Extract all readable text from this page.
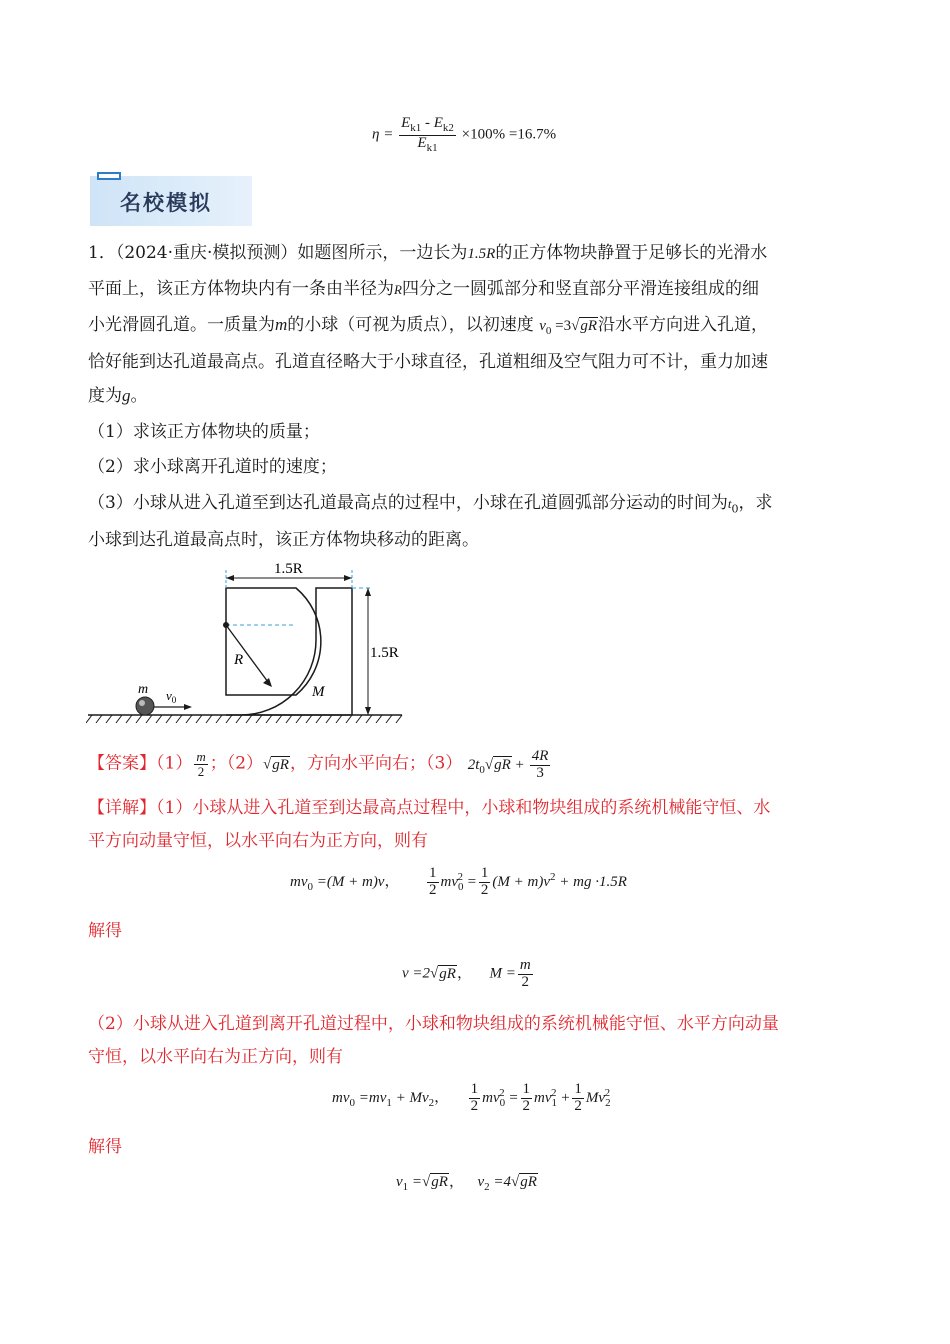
$\eta = \frac{E_{k1} - E_{k2}}{E_{k1}} \times 100\% =16.7\%$
名校模拟
1．（2024·重庆·模拟预测）如题图所示，一边长为1.5R的正方体物块静置于足够长的光滑水
平面上，该正方体物块内有一条由半径为R四分之一圆弧部分和竖直部分平滑连接组成的细
小光滑圆孔道。一质量为m的小球（可视为质点），以初速度 $v_0 =3√gR$沿水平方向进入孔道，
恰好能到达孔道最高点。孔道直径略大于小球直径，孔道粗细及空气阻力可不计，重力加速
度为g。
（1）求该正方体物块的质量；
（2）求小球离开孔道时的速度；
（3）小球从进入孔道至到达孔道最高点的过程中，小球在孔道圆弧部分运动的时间为$t_0$，求
小球到达孔道最高点时，该正方体物块移动的距离。
1.5R
1.5R
R
M
m $v_0$
【答案】$(1) \frac{m}{2}$ ；（2）√gR，方向水平向右；（3） $2t_0√gR + \frac{4R}{3}$
【详解】（1）小球从进入孔道至到达最高点过程中，小球和物块组成的系统机械能守恒、水
平方向动量守恒，以水平向右为正方向，则有
$mv_0 =(M + m)v$， $\frac{1}{2} mv_0^2 = \frac{1}{2} (M + m)v^2$ + mg ·1.5R
解得
v =2√gR， $M = \frac{m}{2}$
（2）小球从进入孔道到离开孔道过程中，小球和物块组成的系统机械能守恒、水平方向动量
守恒，以水平向右为正方向，则有
$mv_0 =mv_1 + Mv_2$， $\frac{1}{2} mv_0^2 = \frac{1}{2} mv_1^2 + \frac{1}{2} Mv_2^2$
解得
$v_1 =√gR$， $v_2 =4√gR$
